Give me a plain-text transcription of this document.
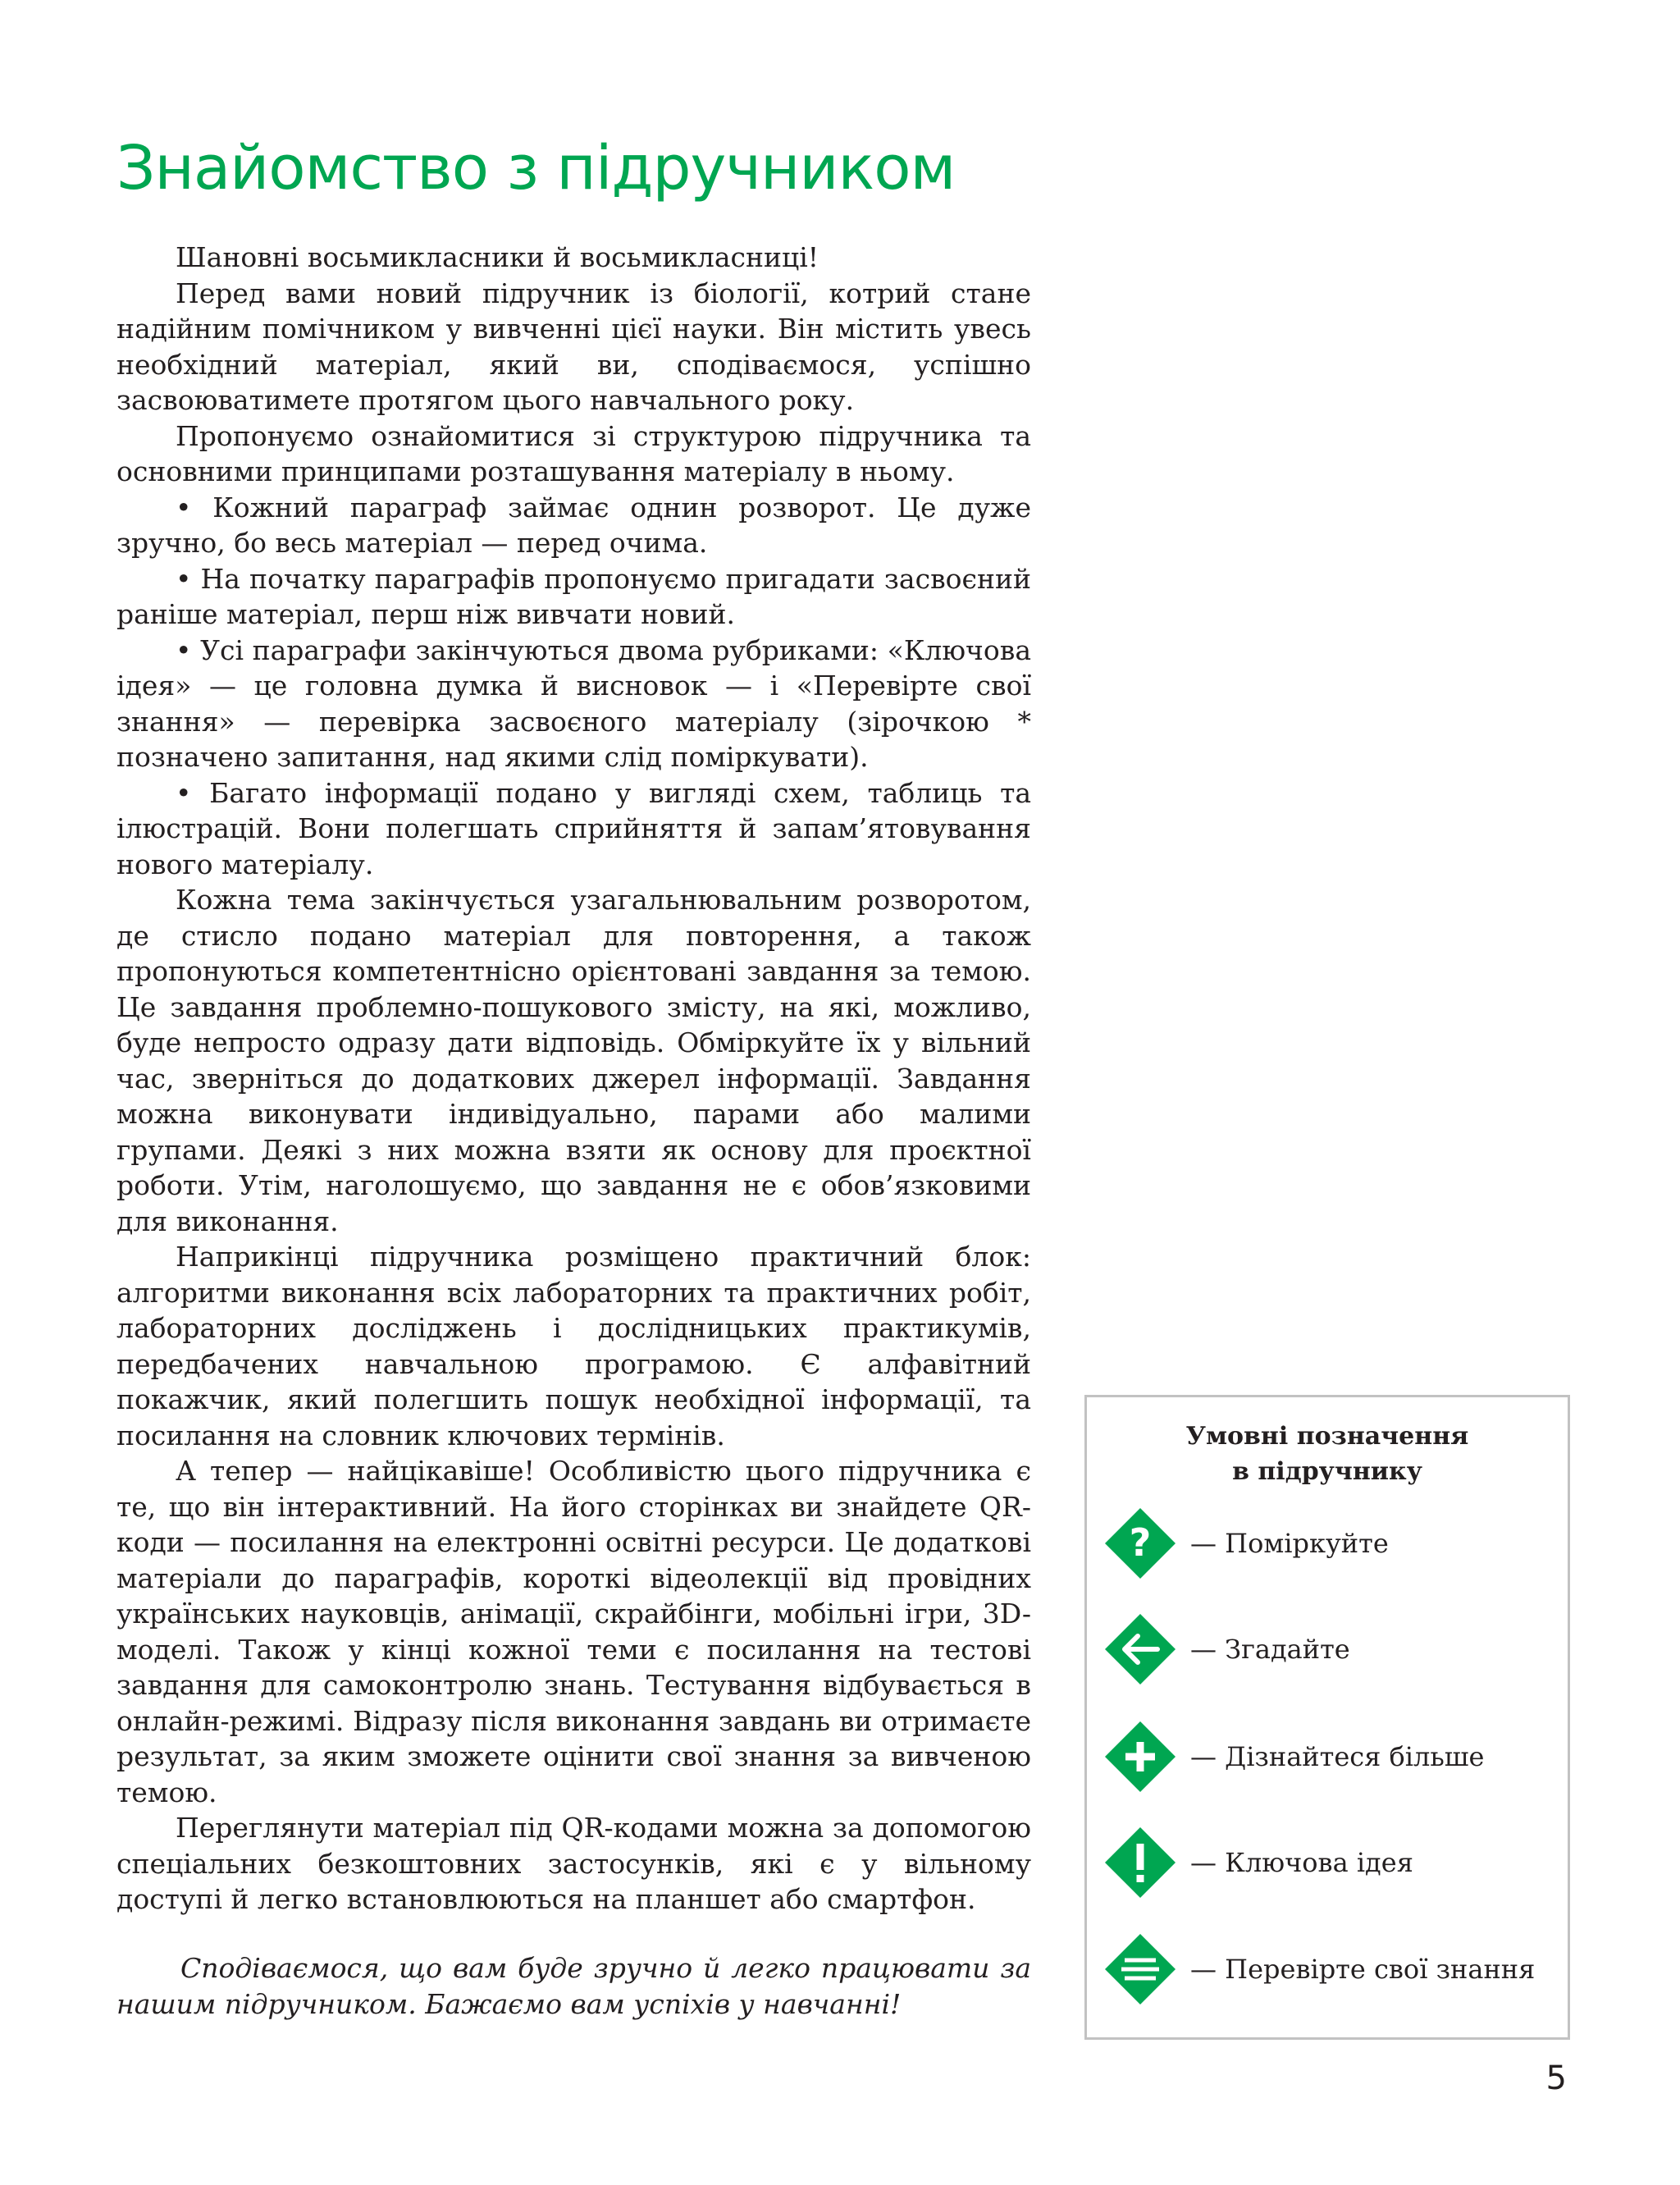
Знайомство з підручником

Шановні восьмикласники й восьмикласниці!

Перед вами новий підручник із біології, котрий стане надійним помічником у вивченні цієї науки. Він містить увесь необхідний матеріал, який ви, сподіваємося, успішно засвоюватимете протягом цього навчального року.

Пропонуємо ознайомитися зі структурою підручника та основними принципами розташування матеріалу в ньому.

• Кожний параграф займає однин розворот. Це дуже зручно, бо весь матеріал — перед очима.

• На початку параграфів пропонуємо пригадати засвоєний раніше матеріал, перш ніж вивчати новий.

• Усі параграфи закінчуються двома рубриками: «Ключова ідея» — це головна думка й висновок — і «Перевірте свої знання» — перевірка засвоєного матеріалу (зірочкою * позначено запитання, над якими слід поміркувати).

• Багато інформації подано у вигляді схем, таблиць та ілюстрацій. Вони полегшать сприйняття й запам’ятовування нового матеріалу.

Кожна тема закінчується узагальнювальним розворотом, де стисло подано матеріал для повторення, а також пропонуються компетентнісно орієнтовані завдання за темою. Це завдання проблемно-пошукового змісту, на які, можливо, буде непросто одразу дати відповідь. Обміркуйте їх у вільний час, зверніться до додаткових джерел інформації. Завдання можна виконувати індивідуально, парами або малими групами. Деякі з них можна взяти як основу для проєктної роботи. Утім, наголошуємо, що завдання не є обов’язковими для виконання.

Наприкінці підручника розміщено практичний блок: алгоритми виконання всіх лабораторних та практичних робіт, лабораторних досліджень і дослідницьких практикумів, передбачених навчальною програмою. Є алфавітний покажчик, який полегшить пошук необхідної інформації, та посилання на словник ключових термінів.

А тепер — найцікавіше! Особливістю цього підручника є те, що він інтерактивний. На його сторінках ви знайдете QR-коди — посилання на електронні освітні ресурси. Це додаткові матеріали до параграфів, короткі відеолекції від провідних українських науковців, анімації, скрайбінги, мобільні ігри, 3D-моделі. Також у кінці кожної теми є посилання на тестові завдання для самоконтролю знань. Тестування відбувається в онлайн-режимі. Відразу після виконання завдань ви отримаєте результат, за яким зможете оцінити свої знання за вивченою темою.

Переглянути матеріал під QR-кодами можна за допомогою спеціальних безкоштовних застосунків, які є у вільному доступі й легко встановлюються на планшет або смартфон.

Сподіваємося, що вам буде зручно й легко працювати за нашим підручником. Бажаємо вам успіхів у навчанні!

Умовні позначення
в підручнику
? — Поміркуйте
— Згадайте
— Дізнайтеся більше
— Ключова ідея
— Перевірте свої знання
5
